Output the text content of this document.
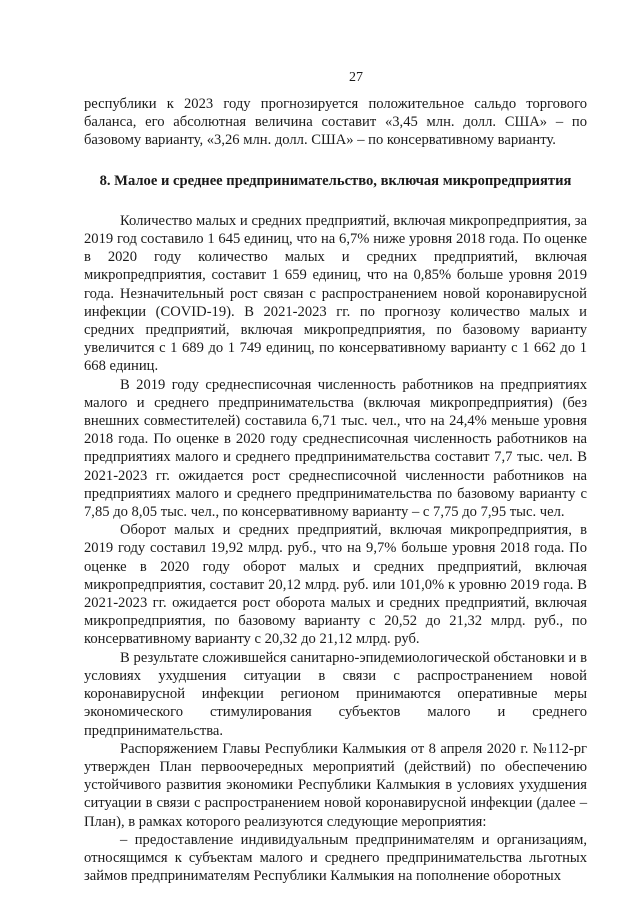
27

республики к 2023 году прогнозируется положительное сальдо торгового баланса, его абсолютная величина составит «3,45 млн. долл. США» – по базовому варианту, «3,26 млн. долл. США» – по консервативному варианту.

8. Малое и среднее предпринимательство, включая микропредприятия

Количество малых и средних предприятий, включая микропредприятия, за 2019 год составило 1 645 единиц, что на 6,7% ниже уровня 2018 года. По оценке в 2020 году количество малых и средних предприятий, включая микропредприятия, составит 1 659 единиц, что на 0,85% больше уровня 2019 года. Незначительный рост связан с распространением новой коронавирусной инфекции (COVID-19). В 2021-2023 гг. по прогнозу количество малых и средних предприятий, включая микропредприятия, по базовому варианту увеличится с 1 689 до 1 749 единиц, по консервативному варианту с 1 662 до 1 668 единиц.

В 2019 году среднесписочная численность работников на предприятиях малого и среднего предпринимательства (включая микропредприятия) (без внешних совместителей) составила 6,71 тыс. чел., что на 24,4% меньше уровня 2018 года. По оценке в 2020 году среднесписочная численность работников на предприятиях малого и среднего предпринимательства составит 7,7 тыс. чел. В 2021-2023 гг. ожидается рост среднесписочной численности работников на предприятиях малого и среднего предпринимательства по базовому варианту с 7,85 до 8,05 тыс. чел., по консервативному варианту – с 7,75 до 7,95 тыс. чел.

Оборот малых и средних предприятий, включая микропредприятия, в 2019 году составил 19,92 млрд. руб., что на 9,7% больше уровня 2018 года. По оценке в 2020 году оборот малых и средних предприятий, включая микропредприятия, составит 20,12 млрд. руб. или 101,0% к уровню 2019 года. В 2021-2023 гг. ожидается рост оборота малых и средних предприятий, включая микропредприятия, по базовому варианту с 20,52 до 21,32 млрд. руб., по консервативному варианту с 20,32 до 21,12 млрд. руб.

В результате сложившейся санитарно-эпидемиологической обстановки и в условиях ухудшения ситуации в связи с распространением новой коронавирусной инфекции регионом принимаются оперативные меры экономического стимулирования субъектов малого и среднего предпринимательства.

Распоряжением Главы Республики Калмыкия от 8 апреля 2020 г. №112-рг утвержден План первоочередных мероприятий (действий) по обеспечению устойчивого развития экономики Республики Калмыкия в условиях ухудшения ситуации в связи с распространением новой коронавирусной инфекции (далее – План), в рамках которого реализуются следующие мероприятия:

– предоставление индивидуальным предпринимателям и организациям, относящимся к субъектам малого и среднего предпринимательства льготных займов предпринимателям Республики Калмыкия на пополнение оборотных
